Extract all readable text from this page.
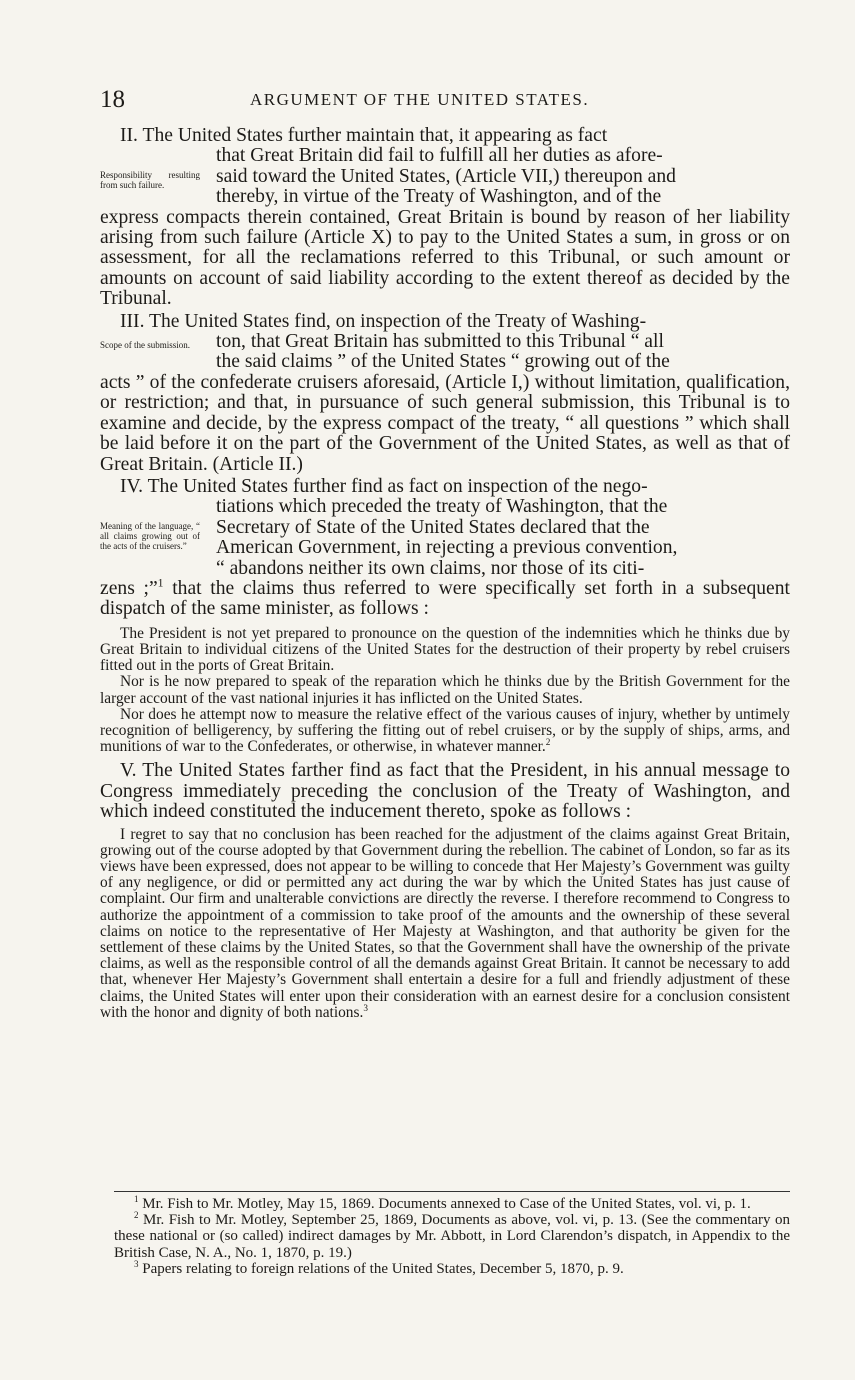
18	ARGUMENT OF THE UNITED STATES.
II. The United States further maintain that, it appearing as fact
Responsibility resulting from such failure.
that Great Britain did fail to fulfill all her duties as afore-
said toward the United States, (Article VII,) thereupon and
thereby, in virtue of the Treaty of Washington, and of the
express compacts therein contained, Great Britain is bound by reason of her liability arising from such failure (Article X) to pay to the United States a sum, in gross or on assessment, for all the reclamations referred to this Tribunal, or such amount or amounts on account of said liability according to the extent thereof as decided by the Tribunal.
III. The United States find, on inspection of the Treaty of Washing-
Scope of the submission.	ton, that Great Britain has submitted to this Tribunal “ all
the said claims ” of the United States “ growing out of the
acts ” of the confederate cruisers aforesaid, (Article I,) without limitation, qualification, or restriction; and that, in pursuance of such general submission, this Tribunal is to examine and decide, by the express compact of the treaty, “ all questions ” which shall be laid before it on the part of the Government of the United States, as well as that of Great Britain. (Article II.)
IV. The United States further find as fact on inspection of the nego-
Meaning of the language, “ all claims growing out of the acts of the cruisers.”
tiations which preceded the treaty of Washington, that the
Secretary of State of the United States declared that the
American Government, in rejecting a previous convention,
“ abandons neither its own claims, nor those of its citi-
zens ;”$^1$ that the claims thus referred to were specifically set forth in a subsequent dispatch of the same minister, as follows :

The President is not yet prepared to pronounce on the question of the indemnities which he thinks due by Great Britain to individual citizens of the United States for the destruction of their property by rebel cruisers fitted out in the ports of Great Britain.

Nor is he now prepared to speak of the reparation which he thinks due by the British Government for the larger account of the vast national injuries it has inflicted on the United States.

Nor does he attempt now to measure the relative effect of the various causes of injury, whether by untimely recognition of belligerency, by suffering the fitting out of rebel cruisers, or by the supply of ships, arms, and munitions of war to the Confederates, or otherwise, in whatever manner.$^2$

V. The United States farther find as fact that the President, in his annual message to Congress immediately preceding the conclusion of the Treaty of Washington, and which indeed constituted the inducement thereto, spoke as follows :

I regret to say that no conclusion has been reached for the adjustment of the claims against Great Britain, growing out of the course adopted by that Government during the rebellion. The cabinet of London, so far as its views have been expressed, does not appear to be willing to concede that Her Majesty’s Government was guilty of any negligence, or did or permitted any act during the war by which the United States has just cause of complaint. Our firm and unalterable convictions are directly the reverse. I therefore recommend to Congress to authorize the appointment of a commission to take proof of the amounts and the ownership of these several claims on notice to the representative of Her Majesty at Washington, and that authority be given for the settlement of these claims by the United States, so that the Government shall have the ownership of the private claims, as well as the responsible control of all the demands against Great Britain. It cannot be necessary to add that, whenever Her Majesty’s Government shall entertain a desire for a full and friendly adjustment of these claims, the United States will enter upon their consideration with an earnest desire for a conclusion consistent with the honor and dignity of both nations.$^3$

$^1$ Mr. Fish to Mr. Motley, May 15, 1869. Documents annexed to Case of the United States, vol. vi, p. 1.

$^2$ Mr. Fish to Mr. Motley, September 25, 1869, Documents as above, vol. vi, p. 13. (See the commentary on these national or (so called) indirect damages by Mr. Abbott, in Lord Clarendon’s dispatch, in Appendix to the British Case, N. A., No. 1, 1870, p. 19.)

$^3$ Papers relating to foreign relations of the United States, December 5, 1870, p. 9.
